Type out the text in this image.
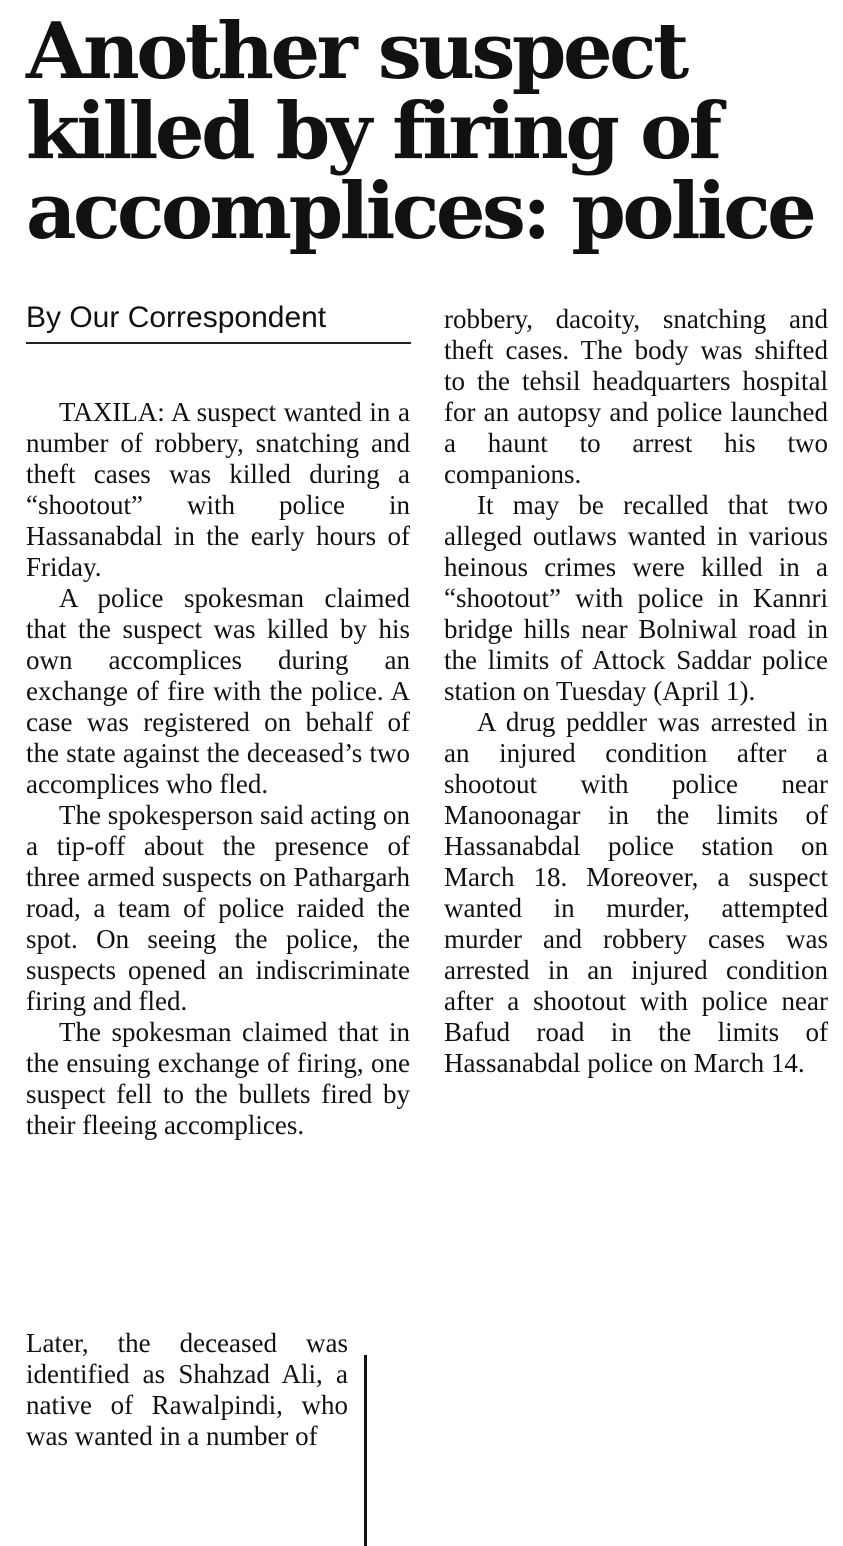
Another suspect killed by firing of accomplices: police
By Our Correspondent

TAXILA: A suspect wanted in a number of robbery, snatching and theft cases was killed during a “shootout” with police in Hassanabdal in the early hours of Friday.

A police spokesman claimed that the suspect was killed by his own accomplices during an exchange of fire with the police. A case was registered on behalf of the state against the deceased’s two accomplices who fled.

The spokesperson said acting on a tip-off about the presence of three armed suspects on Pathargarh road, a team of police raided the spot. On seeing the police, the suspects opened an indiscriminate firing and fled.

The spokesman claimed that in the ensuing exchange of firing, one suspect fell to the bullets fired by their fleeing accomplices.

Later, the deceased was identified as Shahzad Ali, a native of Rawalpindi, who was wanted in a number of

robbery, dacoity, snatching and theft cases. The body was shifted to the tehsil headquarters hospital for an autopsy and police launched a haunt to arrest his two companions.

It may be recalled that two alleged outlaws wanted in various heinous crimes were killed in a “shootout” with police in Kannri bridge hills near Bolniwal road in the limits of Attock Saddar police station on Tuesday (April 1).

A drug peddler was arrested in an injured condition after a shootout with police near Manoonagar in the limits of Hassanabdal police station on March 18. Moreover, a suspect wanted in murder, attempted murder and robbery cases was arrested in an injured condition after a shootout with police near Bafud road in the limits of Hassanabdal police on March 14.
